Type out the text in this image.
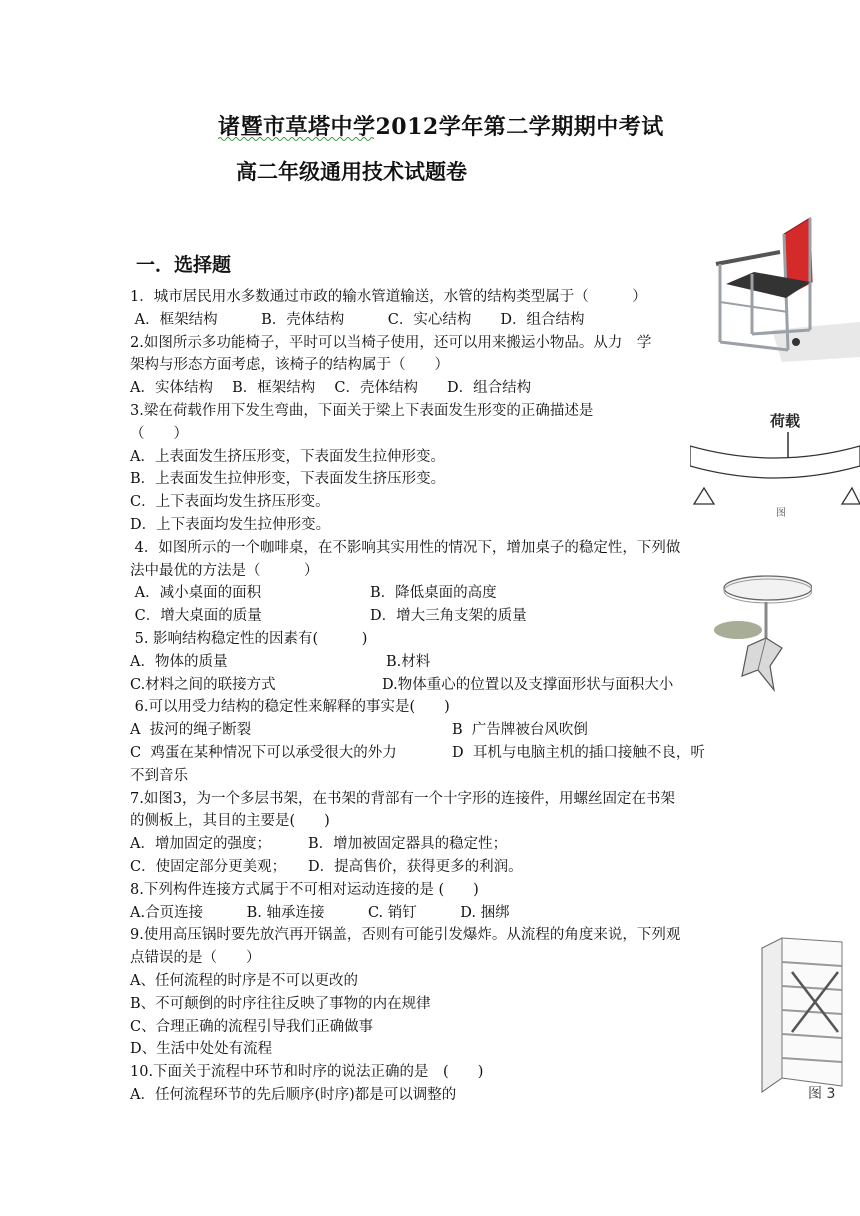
诸暨市草塔中学2012学年第二学期期中考试
高二年级通用技术试题卷
一．选择题
1．城市居民用水多数通过市政的输水管道输送，水管的结构类型属于（　　　）
A．框架结构　　　B．壳体结构　　　C．实心结构　　D．组合结构
2.如图所示多功能椅子，平时可以当椅子使用，还可以用来搬运小物品。从力　学
架构与形态方面考虑，该椅子的结构属于（　　）
A．实体结构　 B．框架结构　 C．壳体结构　　D．组合结构
3.梁在荷载作用下发生弯曲，下面关于梁上下表面发生形变的正确描述是
（　　）
A．上表面发生挤压形变，下表面发生拉伸形变。
B．上表面发生拉伸形变，下表面发生挤压形变。
C．上下表面均发生挤压形变。
D．上下表面均发生拉伸形变。
4．如图所示的一个咖啡桌，在不影响其实用性的情况下，增加桌子的稳定性，下列做
法中最优的方法是（　　　）
A．减小桌面的面积	B．降低桌面的高度
C．增大桌面的质量	D．增大三角支架的质量
5. 影响结构稳定性的因素有(　　　)
A．物体的质量	B.材料
C.材料之间的联接方式	D.物体重心的位置以及支撑面形状与面积大小
6.可以用受力结构的稳定性来解释的事实是(　　)
A  拔河的绳子断裂	B  广告牌被台风吹倒
C  鸡蛋在某种情况下可以承受很大的外力	D  耳机与电脑主机的插口接触不良，听
不到音乐
7.如图3，为一个多层书架，在书架的背部有一个十字形的连接件，用螺丝固定在书架
的侧板上，其目的主要是(　　)
A．增加固定的强度；	B．增加被固定器具的稳定性；
C．使固定部分更美观；	D．提高售价，获得更多的利润。
8.下列构件连接方式属于不可相对运动连接的是 (　　)
A.合页连接　　　B. 轴承连接　　　C. 销钉　　　D. 捆绑
9.使用高压锅时要先放汽再开锅盖，否则有可能引发爆炸。从流程的角度来说，下列观
点错误的是（　　）
A、任何流程的时序是不可以更改的
B、不可颠倒的时序往往反映了事物的内在规律
C、合理正确的流程引导我们正确做事
D、生活中处处有流程
10.下面关于流程中环节和时序的说法正确的是　(　　)
A．任何流程环节的先后顺序(时序)都是可以调整的
荷载
图
图 3
